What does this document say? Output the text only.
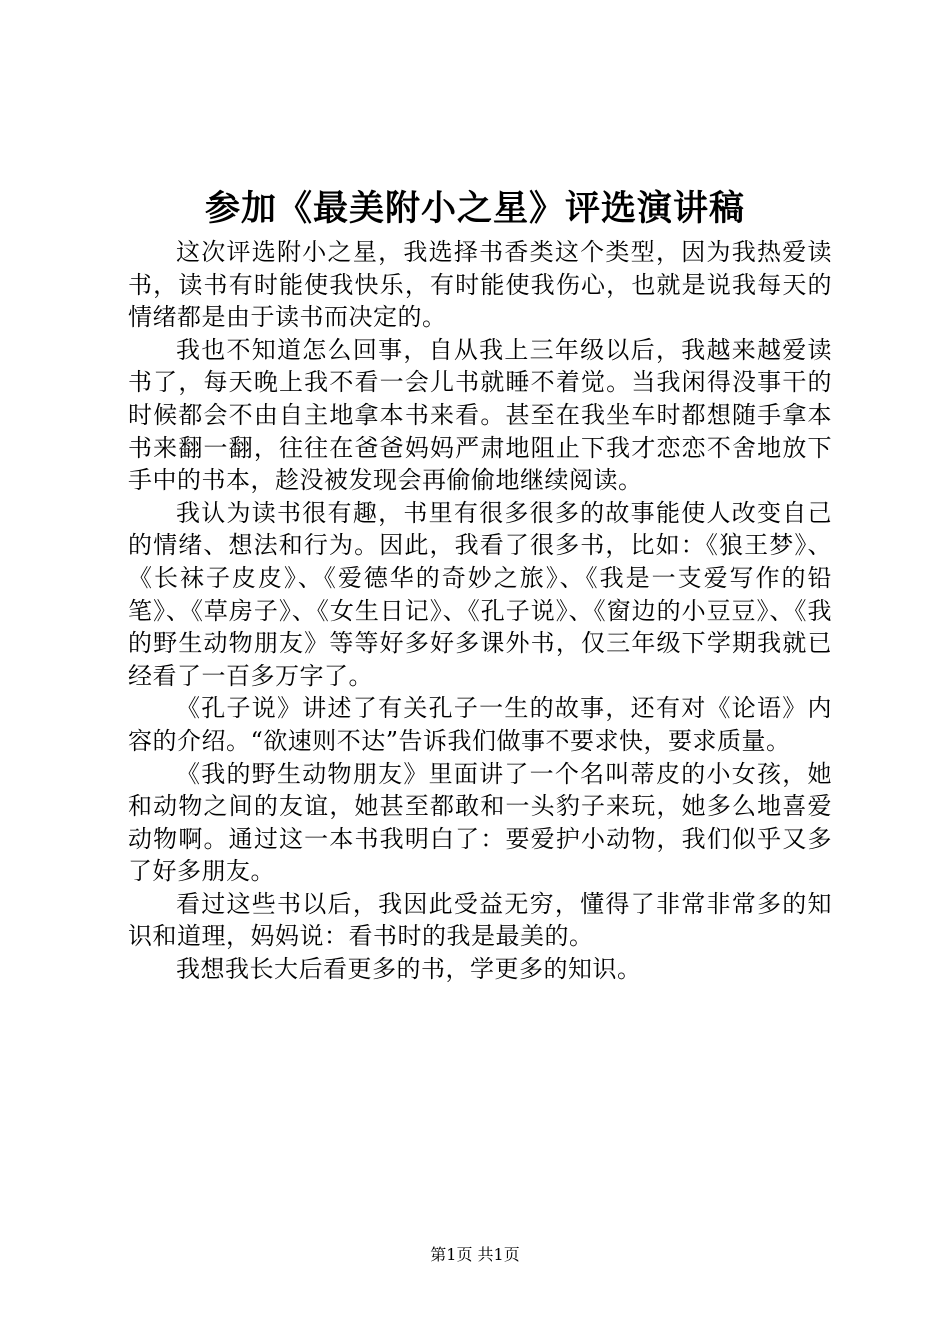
参加《最美附小之星》评选演讲稿

这次评选附小之星，我选择书香类这个类型，因为我热爱读书，读书有时能使我快乐，有时能使我伤心，也就是说我每天的情绪都是由于读书而决定的。

我也不知道怎么回事，自从我上三年级以后，我越来越爱读书了，每天晚上我不看一会儿书就睡不着觉。当我闲得没事干的时候都会不由自主地拿本书来看。甚至在我坐车时都想随手拿本书来翻一翻，往往在爸爸妈妈严肃地阻止下我才恋恋不舍地放下手中的书本，趁没被发现会再偷偷地继续阅读。

我认为读书很有趣，书里有很多很多的故事能使人改变自己的情绪、想法和行为。因此，我看了很多书，比如：《狼王梦》、《长袜子皮皮》、《爱德华的奇妙之旅》、《我是一支爱写作的铅笔》、《草房子》、《女生日记》、《孔子说》、《窗边的小豆豆》、《我的野生动物朋友》等等好多好多课外书，仅三年级下学期我就已经看了一百多万字了。

《孔子说》讲述了有关孔子一生的故事，还有对《论语》内容的介绍。“欲速则不达”告诉我们做事不要求快，要求质量。

《我的野生动物朋友》里面讲了一个名叫蒂皮的小女孩，她和动物之间的友谊，她甚至都敢和一头豹子来玩，她多么地喜爱动物啊。通过这一本书我明白了：要爱护小动物，我们似乎又多了好多朋友。

看过这些书以后，我因此受益无穷，懂得了非常非常多的知识和道理，妈妈说：看书时的我是最美的。

我想我长大后看更多的书，学更多的知识。

第1页 共1页
